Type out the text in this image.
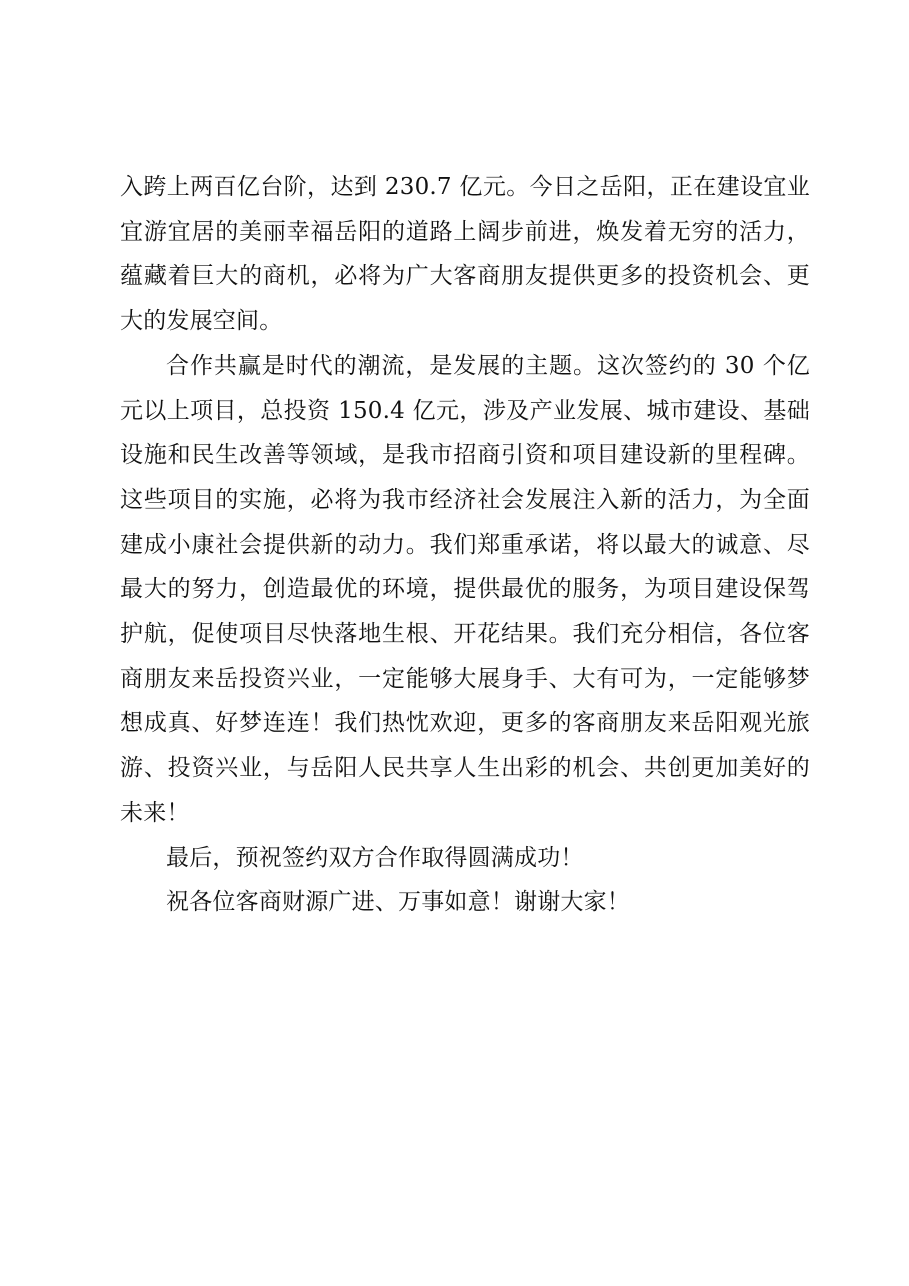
入跨上两百亿台阶，达到 230.7 亿元。今日之岳阳，正在建设宜业宜游宜居的美丽幸福岳阳的道路上阔步前进，焕发着无穷的活力，蕴藏着巨大的商机，必将为广大客商朋友提供更多的投资机会、更大的发展空间。

合作共赢是时代的潮流，是发展的主题。这次签约的 30 个亿元以上项目，总投资 150.4 亿元，涉及产业发展、城市建设、基础设施和民生改善等领域，是我市招商引资和项目建设新的里程碑。这些项目的实施，必将为我市经济社会发展注入新的活力，为全面建成小康社会提供新的动力。我们郑重承诺，将以最大的诚意、尽最大的努力，创造最优的环境，提供最优的服务，为项目建设保驾护航，促使项目尽快落地生根、开花结果。我们充分相信，各位客商朋友来岳投资兴业，一定能够大展身手、大有可为，一定能够梦想成真、好梦连连！我们热忱欢迎，更多的客商朋友来岳阳观光旅游、投资兴业，与岳阳人民共享人生出彩的机会、共创更加美好的未来！

最后，预祝签约双方合作取得圆满成功！

祝各位客商财源广进、万事如意！谢谢大家！
